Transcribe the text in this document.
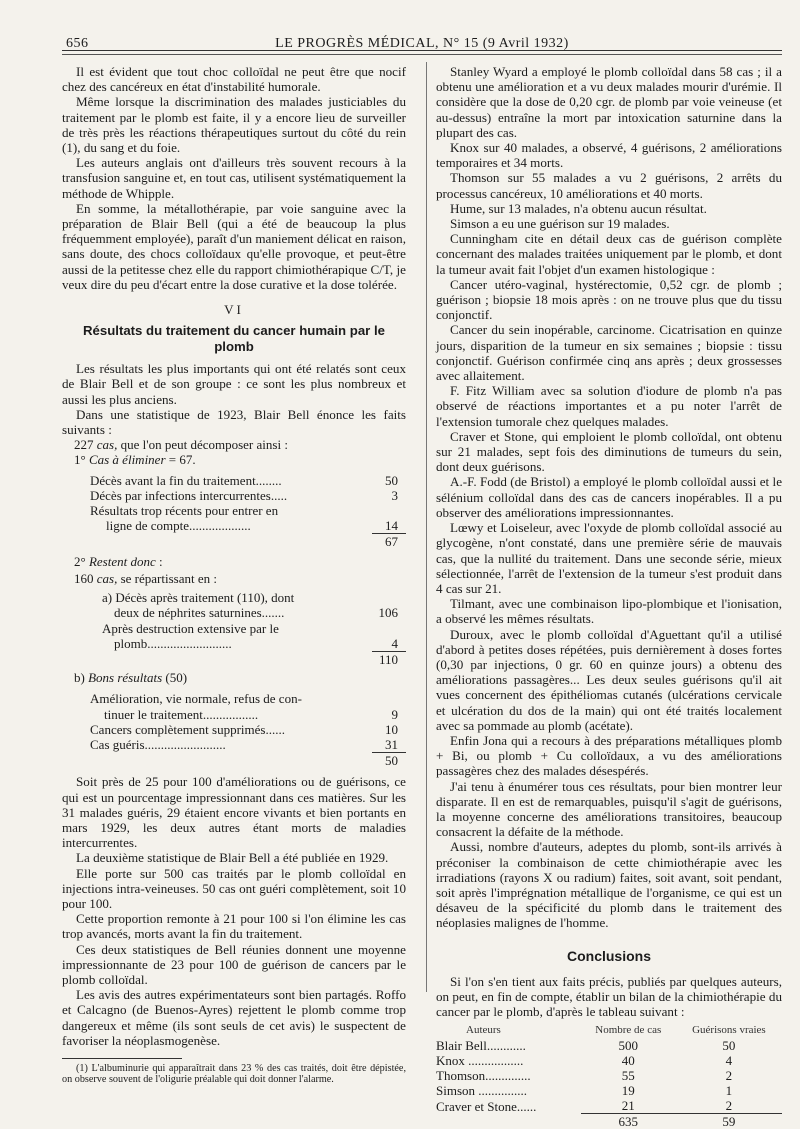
656	LE PROGRÈS MÉDICAL, N° 15 (9 Avril 1932)

Il est évident que tout choc colloïdal ne peut être que nocif chez des cancéreux en état d'instabilité humorale.

Même lorsque la discrimination des malades justiciables du traitement par le plomb est faite, il y a encore lieu de surveiller de très près les réactions thérapeutiques surtout du côté du rein (1), du sang et du foie.

Les auteurs anglais ont d'ailleurs très souvent recours à la transfusion sanguine et, en tout cas, utilisent systématiquement la méthode de Whipple.

En somme, la métallothérapie, par voie sanguine avec la préparation de Blair Bell (qui a été de beaucoup la plus fréquemment employée), paraît d'un maniement délicat en raison, sans doute, des chocs colloïdaux qu'elle provoque, et peut-être aussi de la petitesse chez elle du rapport chimiothérapique C/T, je veux dire du peu d'écart entre la dose curative et la dose tolérée.

VI
Résultats du traitement du cancer humain par le plomb

Les résultats les plus importants qui ont été relatés sont ceux de Blair Bell et de son groupe : ce sont les plus nombreux et aussi les plus anciens.

Dans une statistique de 1923, Blair Bell énonce les faits suivants :

227 cas, que l'on peut décomposer ainsi :
1° Cas à éliminer = 67.
Décès avant la fin du traitement........	50
Décès par infections intercurrentes.....	3
Résultats trop récents pour entrer en
ligne de compte...................	14
67
2° Restent donc :
160 cas, se répartissant en :
a) Décès après traitement (110), dont
deux de néphrites saturnines.......	106
Après destruction extensive par le
plomb..........................	4
110
b) Bons résultats (50)
Amélioration, vie normale, refus de con-
tinuer le traitement.................	9
Cancers complètement supprimés......	10
Cas guéris.........................	31
50

Soit près de 25 pour 100 d'améliorations ou de guérisons, ce qui est un pourcentage impressionnant dans ces matières. Sur les 31 malades guéris, 29 étaient encore vivants et bien portants en mars 1929, les deux autres étant morts de maladies intercurrentes.

La deuxième statistique de Blair Bell a été publiée en 1929.

Elle porte sur 500 cas traités par le plomb colloïdal en injections intra-veineuses. 50 cas ont guéri complètement, soit 10 pour 100.

Cette proportion remonte à 21 pour 100 si l'on élimine les cas trop avancés, morts avant la fin du traitement.

Ces deux statistiques de Bell réunies donnent une moyenne impressionnante de 23 pour 100 de guérison de cancers par le plomb colloïdal.

Les avis des autres expérimentateurs sont bien partagés. Roffo et Calcagno (de Buenos-Ayres) rejettent le plomb comme trop dangereux et même (ils sont seuls de cet avis) le suspectent de favoriser la néoplasmogenèse.

(1) L'albuminurie qui apparaîtrait dans 23 % des cas traités, doit être dépistée, on observe souvent de l'oligurie préalable qui doit donner l'alarme.

Stanley Wyard a employé le plomb colloïdal dans 58 cas ; il a obtenu une amélioration et a vu deux malades mourir d'urémie. Il considère que la dose de 0,20 cgr. de plomb par voie veineuse (et au-dessus) entraîne la mort par intoxication saturnine dans la plupart des cas.

Knox sur 40 malades, a observé, 4 guérisons, 2 améliorations temporaires et 34 morts.

Thomson sur 55 malades a vu 2 guérisons, 2 arrêts du processus cancéreux, 10 améliorations et 40 morts.

Hume, sur 13 malades, n'a obtenu aucun résultat.

Simson a eu une guérison sur 19 malades.

Cunningham cite en détail deux cas de guérison complète concernant des malades traitées uniquement par le plomb, et dont la tumeur avait fait l'objet d'un examen histologique :

Cancer utéro-vaginal, hystérectomie, 0,52 cgr. de plomb ; guérison ; biopsie 18 mois après : on ne trouve plus que du tissu conjonctif.

Cancer du sein inopérable, carcinome. Cicatrisation en quinze jours, disparition de la tumeur en six semaines ; biopsie : tissu conjonctif. Guérison confirmée cinq ans après ; deux grossesses avec allaitement.

F. Fitz William avec sa solution d'iodure de plomb n'a pas observé de réactions importantes et a pu noter l'arrêt de l'extension tumorale chez quelques malades.

Craver et Stone, qui emploient le plomb colloïdal, ont obtenu sur 21 malades, sept fois des diminutions de tumeurs du sein, dont deux guérisons.

A.-F. Fodd (de Bristol) a employé le plomb colloïdal aussi et le sélénium colloïdal dans des cas de cancers inopérables. Il a pu observer des améliorations impressionnantes.

Lœwy et Loiseleur, avec l'oxyde de plomb colloïdal associé au glycogène, n'ont constaté, dans une première série de mauvais cas, que la nullité du traitement. Dans une seconde série, mieux sélectionnée, l'arrêt de l'extension de la tumeur s'est produit dans 4 cas sur 21.

Tilmant, avec une combinaison lipo-plombique et l'ionisation, a observé les mêmes résultats.

Duroux, avec le plomb colloïdal d'Aguettant qu'il a utilisé d'abord à petites doses répétées, puis dernièrement à doses fortes (0,30 par injections, 0 gr. 60 en quinze jours) a obtenu des améliorations passagères... Les deux seules guérisons qu'il ait vues concernent des épithéliomas cutanés (ulcérations cervicale et ulcération du dos de la main) qui ont été traités localement avec sa pommade au plomb (acétate).

Enfin Jona qui a recours à des préparations métalliques plomb + Bi, ou plomb + Cu colloïdaux, a vu des améliorations passagères chez des malades désespérés.

J'ai tenu à énumérer tous ces résultats, pour bien montrer leur disparate. Il en est de remarquables, puisqu'il s'agit de guérisons, la moyenne concerne des améliorations transitoires, beaucoup consacrent la défaite de la méthode.

Aussi, nombre d'auteurs, adeptes du plomb, sont-ils arrivés à préconiser la combinaison de cette chimiothérapie avec les irradiations (rayons X ou radium) faites, soit avant, soit pendant, soit après l'imprégnation métallique de l'organisme, ce qui est un désaveu de la spécificité du plomb dans le traitement des néoplasies malignes de l'homme.

Conclusions

Si l'on s'en tient aux faits précis, publiés par quelques auteurs, on peut, en fin de compte, établir un bilan de la chimiothérapie du cancer par le plomb, d'après le tableau suivant :

Auteurs	Nombre de cas	Guérisons vraies
Blair Bell............	500	50
Knox .................	40	4
Thomson..............	55	2
Simson ...............	19	1
Craver et Stone......	21	2
	635	59
